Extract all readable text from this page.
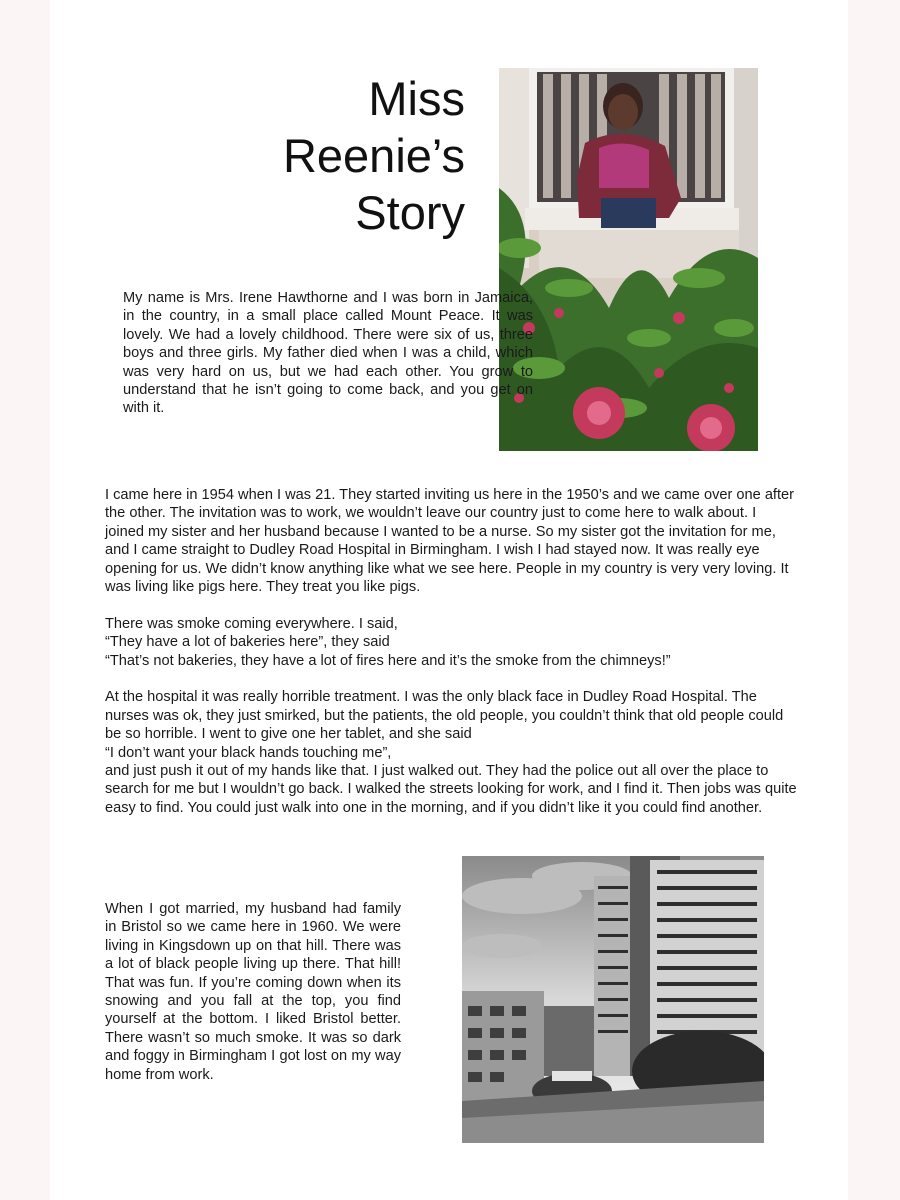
Miss
Reenie’s
Story

My name is Mrs. Irene Hawthorne and I was born in Jamaica, in the country, in a small place called Mount Peace. It was lovely. We had a lovely childhood. There were six of us, three boys and three girls. My father died when I was a child, which was very hard on us, but we had each other. You grow to understand that he isn’t going to come back, and you get on with it.

I came here in 1954 when I was 21. They started inviting us here in the 1950’s and we came over one after the other. The invitation was to work, we wouldn’t leave our country just to come here to walk about. I joined my sister and her husband because I wanted to be a nurse. So my sister got the invitation for me, and I came straight to Dudley Road Hospital in Birmingham. I wish I had stayed now. It was really eye opening for us. We didn’t know anything like what we see here. People in my country is very very loving. It was living like pigs here. They treat you like pigs.

There was smoke coming everywhere. I said,
“They have a lot of bakeries here”, they said
“That’s not bakeries, they have a lot of fires here and it’s the smoke from the chimneys!”

At the hospital it was really horrible treatment. I was the only black face in Dudley Road Hospital. The nurses was ok, they just smirked, but the patients, the old people, you couldn’t think that old people could be so horrible. I went to give one her tablet, and she said
“I don’t want your black hands touching me”,
and just push it out of my hands like that. I just walked out. They had the police out all over the place to search for me but I wouldn’t go back. I walked the streets looking for work, and I find it. Then jobs was quite easy to find. You could just walk into one in the morning, and if you didn’t like it you could find another.

When I got married, my husband had family in Bristol so we came here in 1960. We were living in Kingsdown up on that hill. There was a lot of black people living up there. That hill! That was fun. If you’re coming down when its snowing and you fall at the top, you find yourself at the bottom. I liked Bristol better. There wasn’t so much smoke. It was so dark and foggy in Birmingham I got lost on my way home from work.
